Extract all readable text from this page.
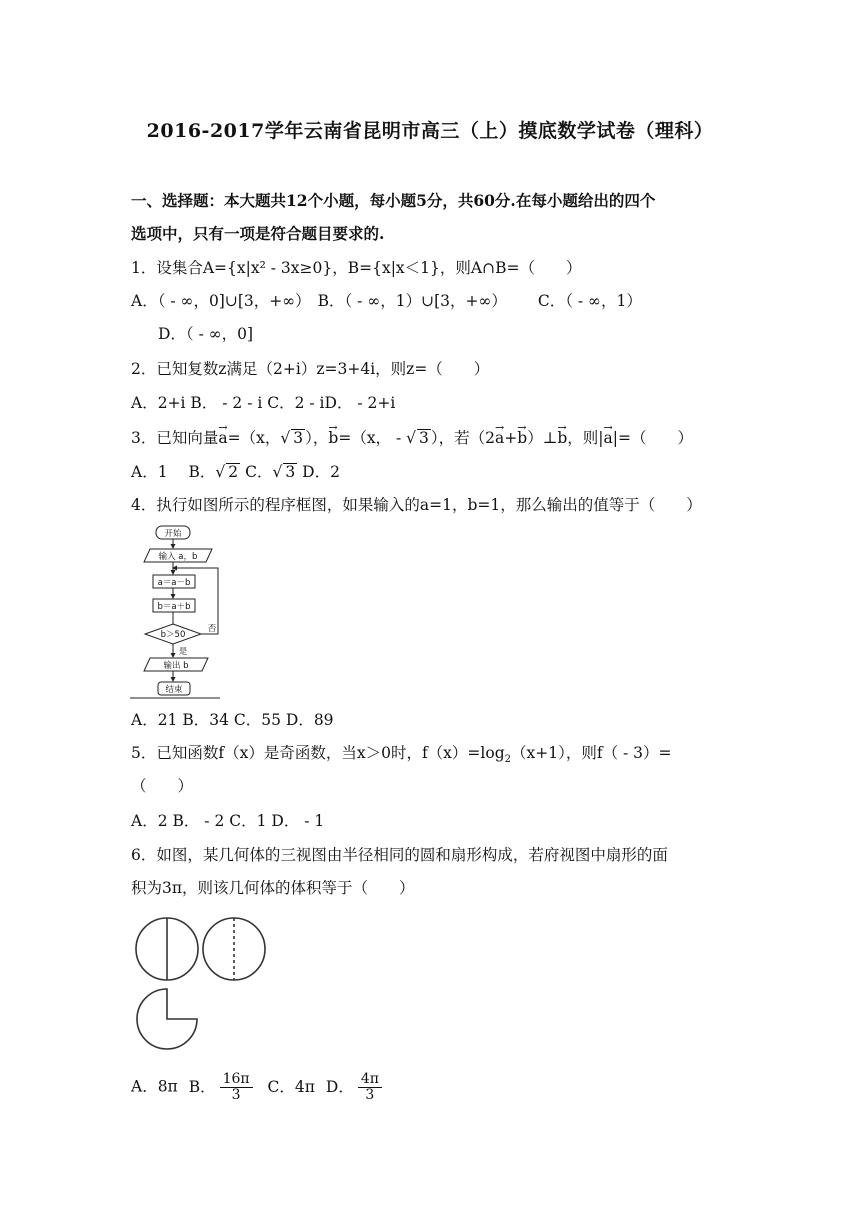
2016-2017学年云南省昆明市高三（上）摸底数学试卷（理科）
一、选择题：本大题共12个小题，每小题5分，共60分.在每小题给出的四个
选项中，只有一项是符合题目要求的.
1．设集合A={x|x² - 3x≥0}，B={x|x＜1}，则A∩B=（　　）
A．（ - ∞，0]∪[3，+∞） B．（ - ∞，1）∪[3，+∞） C．（ - ∞，1）
D．（ - ∞，0]
2．已知复数z满足（2+i）z=3+4i，则z=（　　）
A．2+i B． - 2 - i C．2 - iD． - 2+i
3．已知向量→ a=（x，√ 3 ），→ b=（x， - √ 3 ），若（2→ a+→ b）⊥→ b，则|→ a|=（　　）
A．1 B．√ 2 C．√ 3 D．2
4．执行如图所示的程序框图，如果输入的a=1，b=1，那么输出的值等于（　　）
开始
输入 a，b
a＝a－b
b＝a＋b
b＞50
否
是
输出 b
结束
A．21 B．34 C．55 D．89
5．已知函数f（x）是奇函数，当x＞0时，$f(x)=\log_2(x+1)$，则f（ - 3）=
（　　）
A．2 B． - 2 C．1 D． - 1
6．如图，某几何体的三视图由半径相同的圆和扇形构成，若府视图中扇形的面
积为3π，则该几何体的体积等于（　　）
A．8π B． $\frac{16\pi}{3}$ C．4π D． $\frac{4\pi}{3}$
